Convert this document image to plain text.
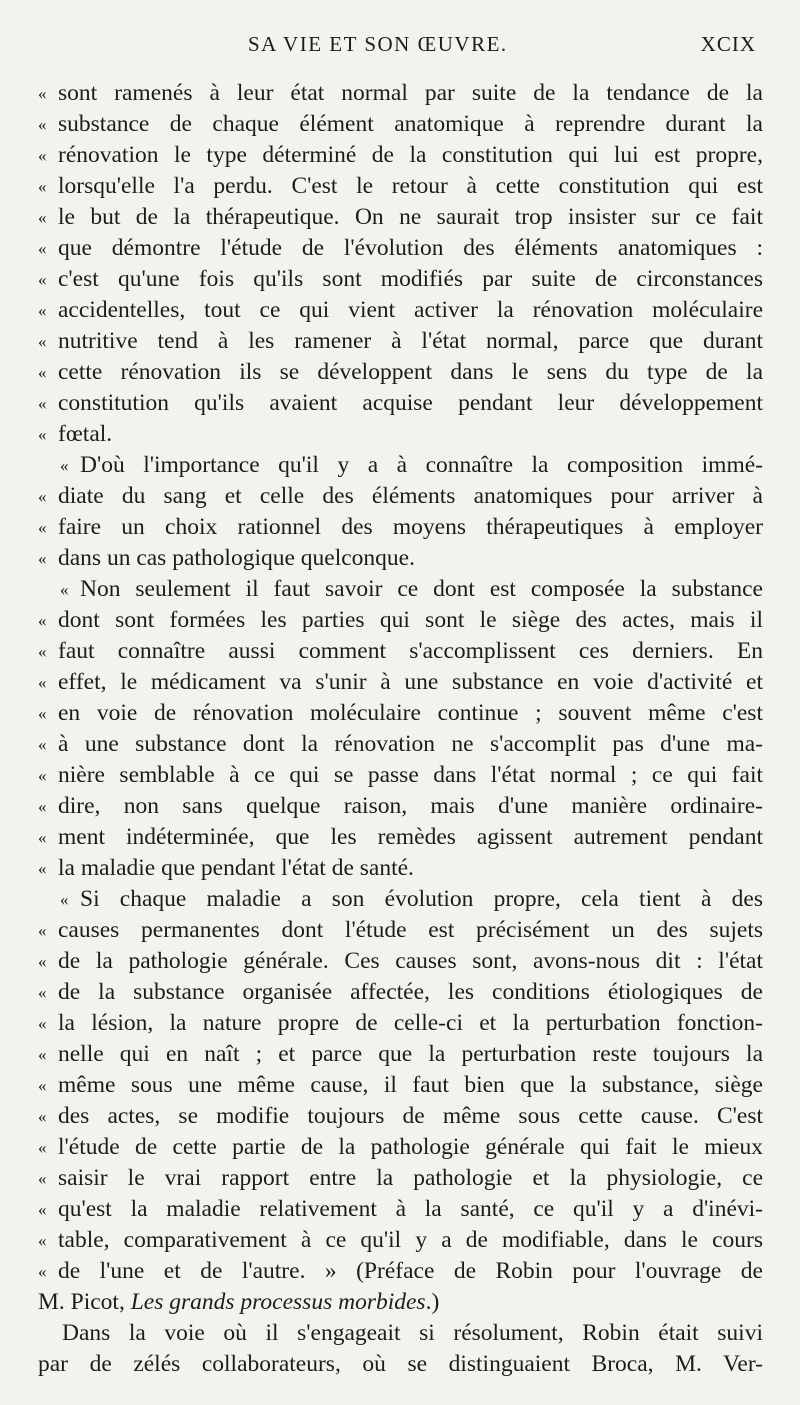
SA VIE ET SON ŒUVRE.	XCIX
«sont ramenés à leur état normal par suite de la tendance de la
«substance de chaque élément anatomique à reprendre durant la
«rénovation le type déterminé de la constitution qui lui est propre,
«lorsqu'elle l'a perdu. C'est le retour à cette constitution qui est
«le but de la thérapeutique. On ne saurait trop insister sur ce fait
«que démontre l'étude de l'évolution des éléments anatomiques :
«c'est qu'une fois qu'ils sont modifiés par suite de circonstances
«accidentelles, tout ce qui vient activer la rénovation moléculaire
«nutritive tend à les ramener à l'état normal, parce que durant
«cette rénovation ils se développent dans le sens du type de la
«constitution qu'ils avaient acquise pendant leur développement
«fœtal.
«D'où l'importance qu'il y a à connaître la composition immé-
«diate du sang et celle des éléments anatomiques pour arriver à
«faire un choix rationnel des moyens thérapeutiques à employer
«dans un cas pathologique quelconque.
«Non seulement il faut savoir ce dont est composée la substance
«dont sont formées les parties qui sont le siège des actes, mais il
«faut connaître aussi comment s'accomplissent ces derniers. En
«effet, le médicament va s'unir à une substance en voie d'activité et
«en voie de rénovation moléculaire continue ; souvent même c'est
«à une substance dont la rénovation ne s'accomplit pas d'une ma-
«nière semblable à ce qui se passe dans l'état normal ; ce qui fait
«dire, non sans quelque raison, mais d'une manière ordinaire-
«ment indéterminée, que les remèdes agissent autrement pendant
«la maladie que pendant l'état de santé.
«Si chaque maladie a son évolution propre, cela tient à des
«causes permanentes dont l'étude est précisément un des sujets
«de la pathologie générale. Ces causes sont, avons-nous dit : l'état
«de la substance organisée affectée, les conditions étiologiques de
«la lésion, la nature propre de celle-ci et la perturbation fonction-
«nelle qui en naît ; et parce que la perturbation reste toujours la
«même sous une même cause, il faut bien que la substance, siège
«des actes, se modifie toujours de même sous cette cause. C'est
«l'étude de cette partie de la pathologie générale qui fait le mieux
«saisir le vrai rapport entre la pathologie et la physiologie, ce
«qu'est la maladie relativement à la santé, ce qu'il y a d'inévi-
«table, comparativement à ce qu'il y a de modifiable, dans le cours
«de l'une et de l'autre. » (Préface de Robin pour l'ouvrage de
M. Picot, Les grands processus morbides.)
Dans la voie où il s'engageait si résolument, Robin était suivi
par de zélés collaborateurs, où se distinguaient Broca, M. Ver-
